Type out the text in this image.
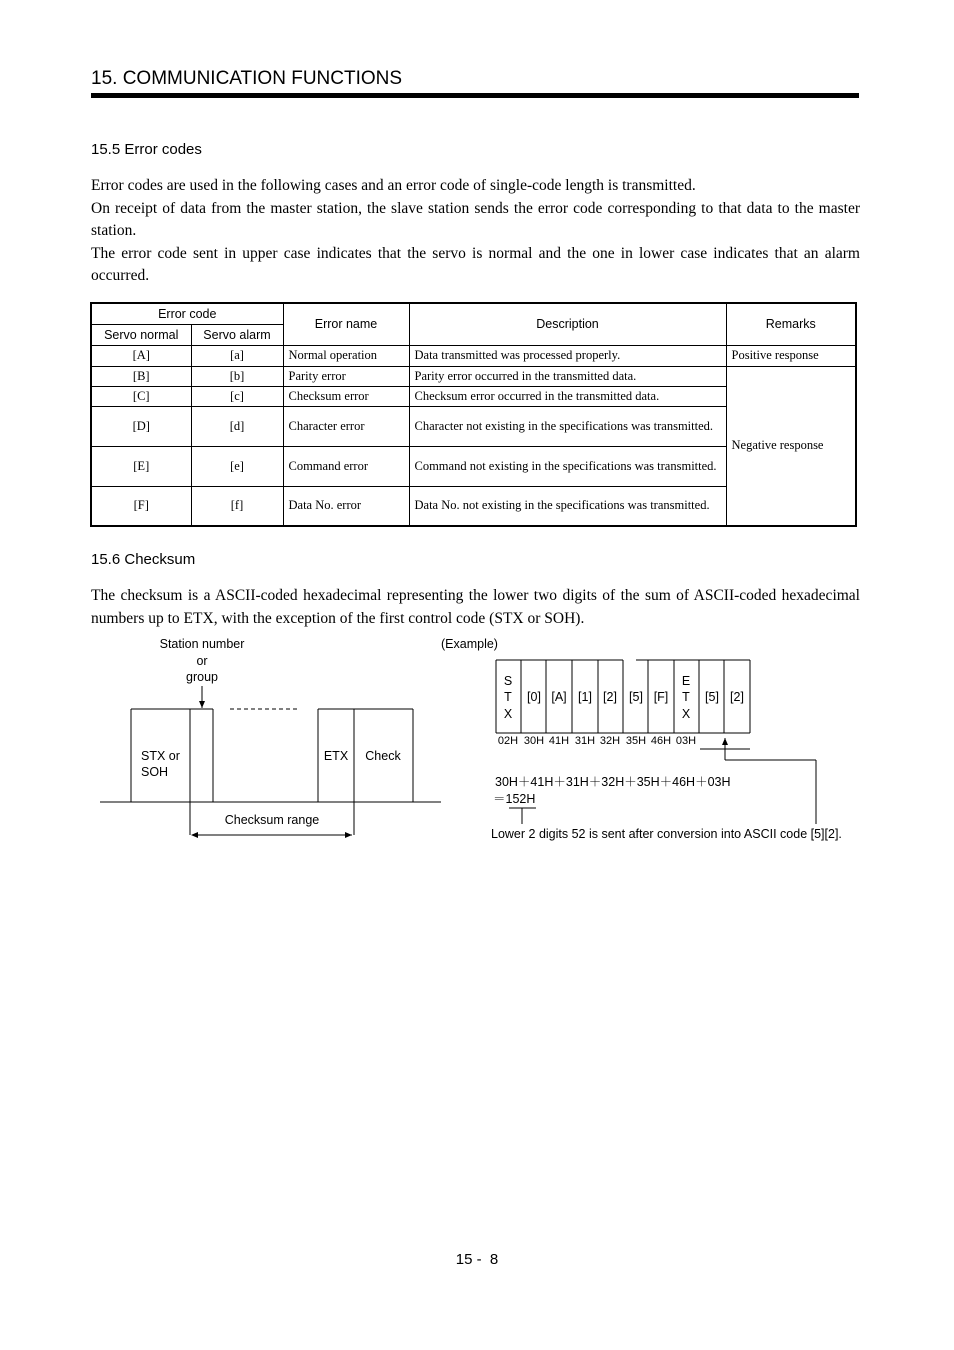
15. COMMUNICATION FUNCTIONS
15.5 Error codes

Error codes are used in the following cases and an error code of single-code length is transmitted.

On receipt of data from the master station, the slave station sends the error code corresponding to that data to the master station.

The error code sent in upper case indicates that the servo is normal and the one in lower case indicates that an alarm occurred.

Error code		Error name	Description	Remarks
Servo normal	Servo alarm			
[A]	[a]	Normal operation	Data transmitted was processed properly.	Positive response
[B]	[b]	Parity error	Parity error occurred in the transmitted data.	Negative response
[C]	[c]	Checksum error	Checksum error occurred in the transmitted data.	
[D]	[d]	Character error	Character not existing in the specifications was transmitted.	
[E]	[e]	Command error	Command not existing in the specifications was transmitted.	
[F]	[f]	Data No. error	Data No. not existing in the specifications was transmitted.	
15.6 Checksum
The checksum is a ASCII-coded hexadecimal representing the lower two digits of the sum of ASCII-coded hexadecimal numbers up to ETX, with the exception of the first control code (STX or SOH).
Station number
or
group
STX or
SOH
ETX Check
Checksum range
(Example)
S
T
X
[0] [A] [1] [2] [5] [F]
E
T
X
[5] [2]
02H 30H 41H 31H 32H 35H 46H 03H
30H＋41H＋31H＋32H＋35H＋46H＋03H
＝152H
Lower 2 digits 52 is sent after conversion into ASCII code [5][2].
15 -  8
